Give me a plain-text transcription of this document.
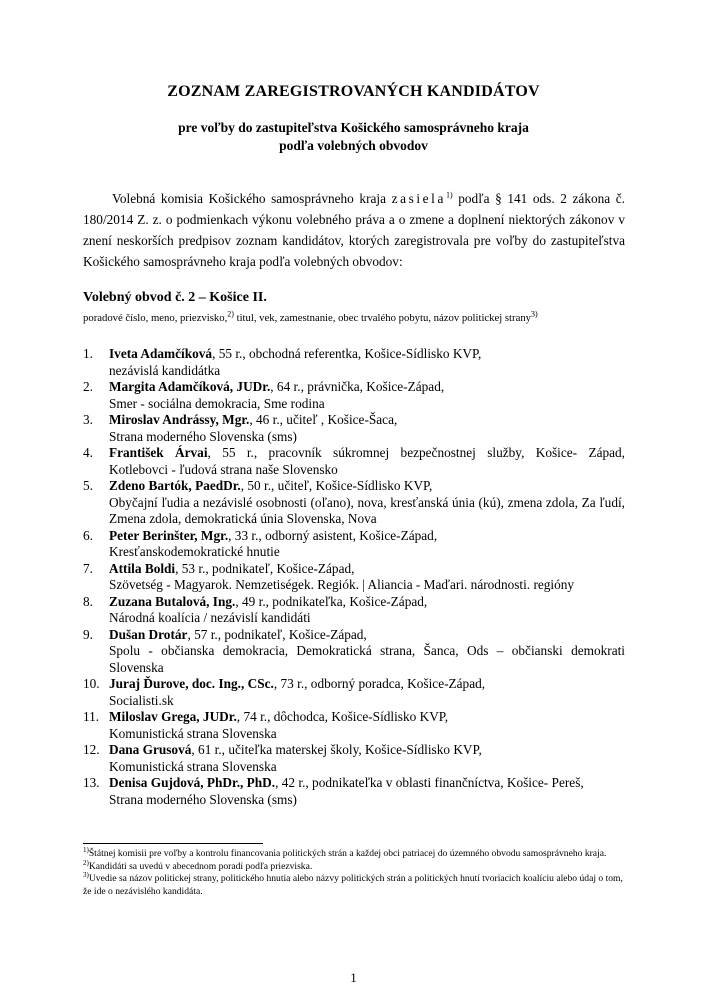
ZOZNAM ZAREGISTROVANÝCH KANDIDÁTOV
pre voľby do zastupiteľstva Košického samosprávneho kraja
podľa volebných obvodov

Volebná komisia Košického samosprávneho kraja zasiela$^{1)}$ podľa § 141 ods. 2 zákona č. 180/2014 Z. z. o podmienkach výkonu volebného práva a o zmene a doplnení niektorých zákonov v znení neskorších predpisov zoznam kandidátov, ktorých zaregistrovala pre voľby do zastupiteľstva Košického samosprávneho kraja podľa volebných obvodov:

Volebný obvod č. 2 – Košice II.
poradové číslo, meno, priezvisko,$^{2)}$ titul, vek, zamestnanie, obec trvalého pobytu, názov politickej strany$^{3)}$
1. Iveta Adamčíková, 55 r., obchodná referentka, Košice-Sídlisko KVP,
nezávislá kandidátka
2. Margita Adamčíková, JUDr., 64 r., právnička, Košice-Západ,
Smer - sociálna demokracia, Sme rodina
3. Miroslav Andrássy, Mgr., 46 r., učiteľ , Košice-Šaca,
Strana moderného Slovenska (sms)
4. František Árvai, 55 r., pracovník súkromnej bezpečnostnej služby, Košice- Západ,
Kotlebovci - ľudová strana naše Slovensko
5. Zdeno Bartók, PaedDr., 50 r., učiteľ, Košice-Sídlisko KVP,
Obyčajní ľudia a nezávislé osobnosti (oľano), nova, kresťanská únia (kú), zmena zdola, Za ľudí, Zmena zdola, demokratická únia Slovenska, Nova
6. Peter Berinšter, Mgr., 33 r., odborný asistent, Košice-Západ,
Kresťanskodemokratické hnutie
7. Attila Boldi, 53 r., podnikateľ, Košice-Západ,
Szövetség - Magyarok. Nemzetiségek. Regiók. | Aliancia - Maďari. národnosti. regióny
8. Zuzana Butalová, Ing., 49 r., podnikateľka, Košice-Západ,
Národná koalícia / nezávislí kandidáti
9. Dušan Drotár, 57 r., podnikateľ, Košice-Západ,
Spolu - občianska demokracia, Demokratická strana, Šanca, Ods – občianski demokrati Slovenska
10. Juraj Ďurove, doc. Ing., CSc., 73 r., odborný poradca, Košice-Západ,
Socialisti.sk
11. Miloslav Grega, JUDr., 74 r., dôchodca, Košice-Sídlisko KVP,
Komunistická strana Slovenska
12. Dana Grusová, 61 r., učiteľka materskej školy, Košice-Sídlisko KVP,
Komunistická strana Slovenska
13. Denisa Gujdová, PhDr., PhD., 42 r., podnikateľka v oblasti finančníctva, Košice- Pereš,
Strana moderného Slovenska (sms)
$^{1)}$Štátnej komisii pre voľby a kontrolu financovania politických strán a každej obci patriacej do územného obvodu samosprávneho kraja.
$^{2)}$Kandidáti sa uvedú v abecednom poradí podľa priezviska.
$^{3)}$Uvedie sa názov politickej strany, politického hnutia alebo názvy politických strán a politických hnutí tvoriacich koalíciu alebo údaj o tom, že ide o nezávislého kandidáta.
1
